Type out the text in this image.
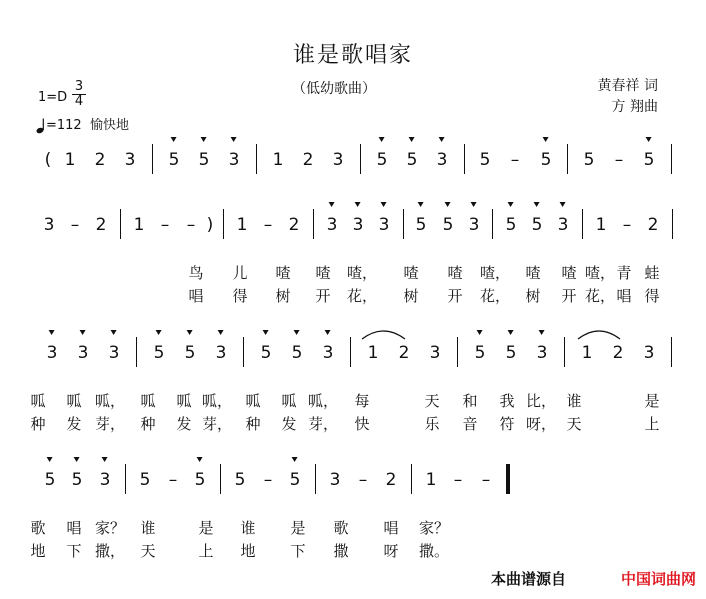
谁是歌唱家
（低幼歌曲）	黄春祥 词
方 翔曲
1=D
3
4
=112 愉快地
( 1 2 3 5 5 3 1 2 3 5 5 3 5 – 5 5 – 5
3 – 2 1 – – ) 1 – 2 3 3 3 5 5 3 5 5 3 1 – 2
鸟 儿 喳 喳 喳， 喳 喳 喳， 喳 喳 喳， 青 蛙
唱 得 树 开 花， 树 开 花， 树 开 花， 唱 得
3 3 3 5 5 3 5 5 3 1 2 3 5 5 3 1 2 3
呱 呱 呱， 呱 呱 呱， 呱 呱 呱， 每	天 和 我 比， 谁	是
种 发 芽， 种 发 芽， 种 发 芽， 快	乐 音 符 呀， 天	上
5 5 3 5 – 5 5 – 5 3 – 2 1 – –
歌 唱 家？ 谁	是 谁 是 歌 唱 家？
地 下 撒， 天	上 地 下 撒 呀 撒。
本曲谱源自	中国词曲网
